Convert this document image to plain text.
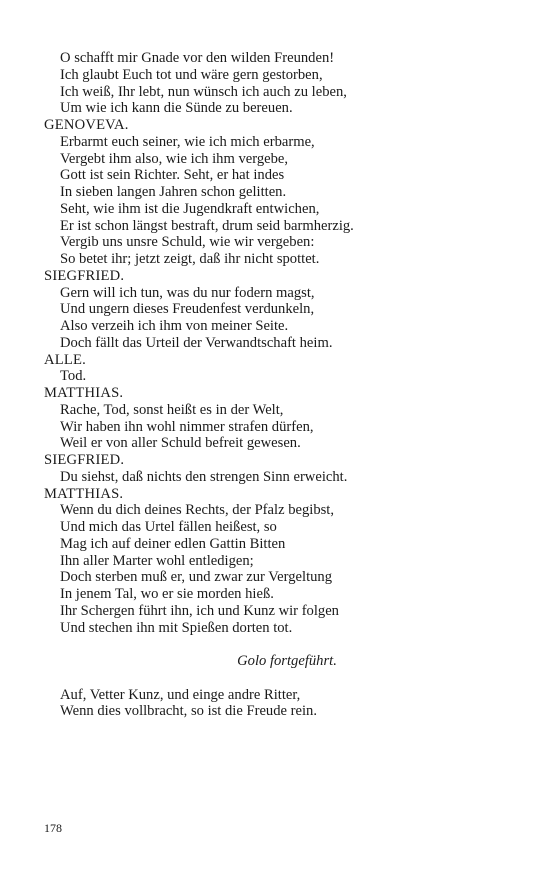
O schafft mir Gnade vor den wilden Freunden!
Ich glaubt Euch tot und wäre gern gestorben,
Ich weiß, Ihr lebt, nun wünsch ich auch zu leben,
Um wie ich kann die Sünde zu bereuen.
GENOVEVA.
Erbarmt euch seiner, wie ich mich erbarme,
Vergebt ihm also, wie ich ihm vergebe,
Gott ist sein Richter. Seht, er hat indes
In sieben langen Jahren schon gelitten.
Seht, wie ihm ist die Jugendkraft entwichen,
Er ist schon längst bestraft, drum seid barmherzig.
Vergib uns unsre Schuld, wie wir vergeben:
So betet ihr; jetzt zeigt, daß ihr nicht spottet.
SIEGFRIED.
Gern will ich tun, was du nur fodern magst,
Und ungern dieses Freudenfest verdunkeln,
Also verzeih ich ihm von meiner Seite.
Doch fällt das Urteil der Verwandtschaft heim.
ALLE.
Tod.
MATTHIAS.
Rache, Tod, sonst heißt es in der Welt,
Wir haben ihn wohl nimmer strafen dürfen,
Weil er von aller Schuld befreit gewesen.
SIEGFRIED.
Du siehst, daß nichts den strengen Sinn erweicht.
MATTHIAS.
Wenn du dich deines Rechts, der Pfalz begibst,
Und mich das Urtel fällen heißest, so
Mag ich auf deiner edlen Gattin Bitten
Ihn aller Marter wohl entledigen;
Doch sterben muß er, und zwar zur Vergeltung
In jenem Tal, wo er sie morden hieß.
Ihr Schergen führt ihn, ich und Kunz wir folgen
Und stechen ihn mit Spießen dorten tot.
Golo fortgeführt.
Auf, Vetter Kunz, und einge andre Ritter,
Wenn dies vollbracht, so ist die Freude rein.
178
